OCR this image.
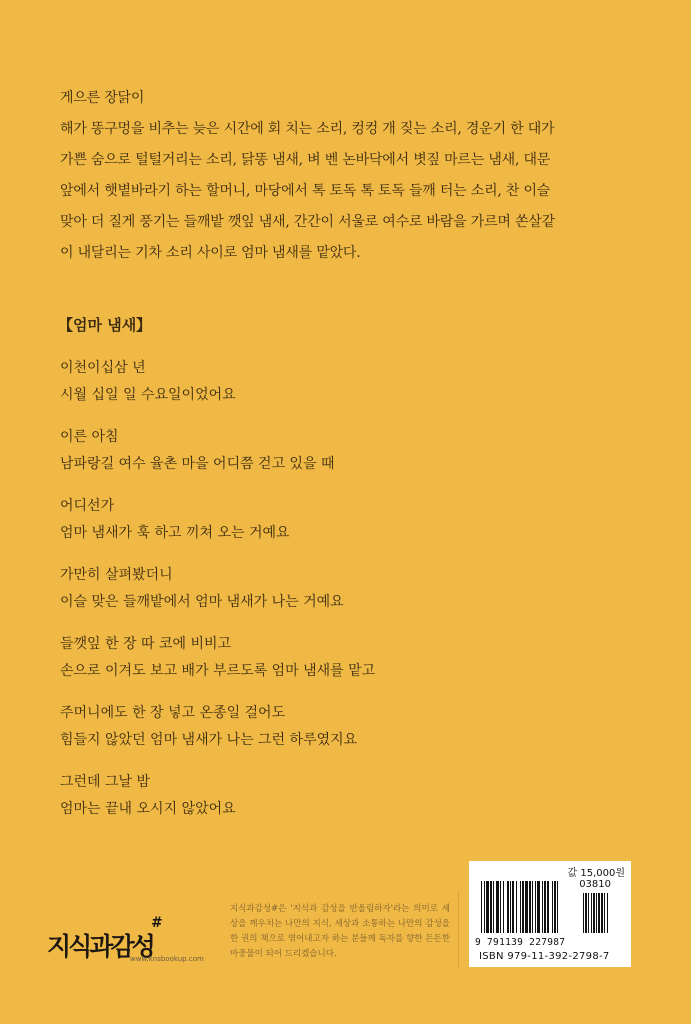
게으른 장닭이

해가 똥구멍을 비추는 늦은 시간에 회 치는 소리, 컹컹 개 짖는 소리, 경운기 한 대가

가쁜 숨으로 털털거리는 소리, 닭똥 냄새, 벼 벤 논바닥에서 볏짚 마르는 냄새, 대문

앞에서 햇볕바라기 하는 할머니, 마당에서 톡 토독 톡 토독 들깨 터는 소리, 찬 이슬

맞아 더 질게 풍기는 들깨밭 깻잎 냄새, 간간이 서울로 여수로 바람을 가르며 쏜살같

이 내달리는 기차 소리 사이로 엄마 냄새를 맡았다.

【엄마 냄새】
이천이십삼 년
시월 십일 일 수요일이었어요
이른 아침
남파랑길 여수 율촌 마을 어디쯤 걷고 있을 때
어디선가
엄마 냄새가 훅 하고 끼쳐 오는 거예요
가만히 살펴봤더니
이슬 맞은 들깨밭에서 엄마 냄새가 나는 거예요
들깻잎 한 장 따 코에 비비고
손으로 이겨도 보고 배가 부르도록 엄마 냄새를 맡고
주머니에도 한 장 넣고 온종일 걸어도
힘들지 않았던 엄마 냄새가 나는 그런 하루였지요
그런데 그날 밤
엄마는 끝내 오시지 않았어요
지식과감성
#
www.knsbookup.com
지식과감성#은 '지식과 감성을 반올림하자'라는 의미로 세상을 깨우치는 나만의 지식, 세상과 소통하는 나만의 감성을 한 권의 책으로 엮어내고자 하는 분들께 독자를 향한 든든한 마중물이 되어 드리겠습니다.
값 15,000원
03810
9 791139 227987
ISBN 979-11-392-2798-7
